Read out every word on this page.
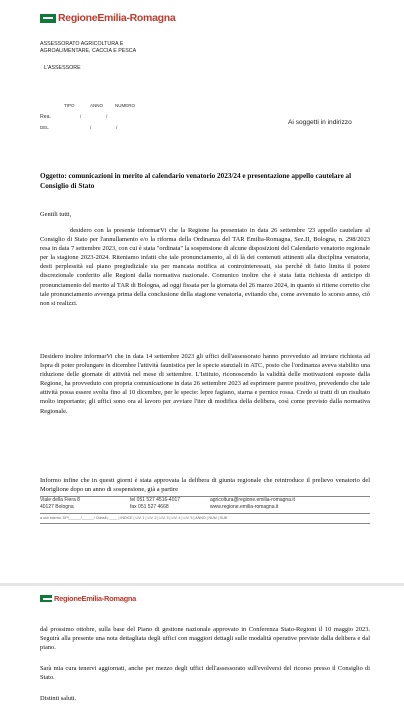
RegioneEmilia-Romagna
ASSESSORATO AGRICOLTURA E
AGROALIMENTARE, CACCIA E PESCA
L'ASSESSORE
TIPO	ANNO	NUMERO
Rea.	/	/
DEL	/	/
Ai soggetti in indirizzo
Oggetto: comunicazioni in merito al calendario venatorio 2023/24 e presentazione appello cautelare al Consiglio di Stato
Gentili tutti,
desidero con la presente informarVi che la Regione ha presentato in data 26 settembre '23 appello cautelare al Consiglio di Stato per l'annullamento e/o la riforma della Ordinanza del TAR Emilia-Romagna, Sez.II, Bologna, n. 298/2023 resa in data 7 settembre 2023, con cui è stata "ordinata" la sospensione di alcune disposizioni del Calendario venatorio regionale per la stagione 2023-2024. Riteniamo infatti che tale pronunciamento, al di là dei contenuti attinenti alla disciplina venatoria, desti perplessità sul piano pregiudiziale sia per mancata notifica ai controinteressati, sia perché di fatto limita il potere discrezionale conferito alle Regioni dalla normativa nazionale. Comunico inoltre che è stata fatta richiesta di anticipo di pronunciamento del merito al TAR di Bologna, ad oggi fissata per la giornata del 26 marzo 2024, in quanto si ritiene corretto che tale pronunciamento avvenga prima della conclusione della stagione venatoria, evitando che, come avvenuto lo scorso anno, ciò non si realizzi.
Desidero inoltre informarVi che in data 14 settembre 2023 gli uffici dell'assessorato hanno provveduto ad inviare richiesta ad Ispra di poter prolungare in dicembre l'attività faunistica per le specie stanziali in ATC, posto che l'ordinanza aveva stabilito una riduzione delle giornate di attività nel mese di settembre. L'Istituto, riconoscendo la validità delle motivazioni esposte dalla Regione, ha provveduto con propria comunicazione in data 26 settembre 2023 ad esprimere parere positivo, prevedendo che tale attività possa essere svolta fino al 10 dicembre, per le specie: lepre fagiano, starna e pernice rossa. Credo si tratti di un risultato molto importante; gli uffici sono ora al lavoro per avviare l'iter di modifica della delibera, così come previsto dalla normativa Regionale.
Informo infine che in questi giorni è stata approvata la delibera di giunta regionale che reintroduce il prelievo venatorio del Moriglione dopo un anno di sospensione, già a partire
Viale della Fiera 8
40127 Bologna
tel 051 527 4516-4017
fax 051 527 4668
agricoltura@regione.emilia-romagna.it
www.regione.emilia-romagna.it
a uso interno: DP/______/______/ Classif.| ____ | INDICE | LIV. 1 | LIV. 2 | LIV. 3 | LIV. 4 | LIV. 5 | ANNO | NUM | SUB
RegioneEmilia-Romagna
dal prossimo ottobre, sulla base del Piano di gestione nazionale approvato in Conferenza Stato-Regioni il 10 maggio 2023. Seguirà alla presente una nota dettagliata degli uffici con maggiori dettagli sulle modalità operative previste dalla delibera e dal piano.
Sarà mia cura tenervi aggiornati, anche per mezzo degli uffici dell'assessorato sull'evolversi del ricorso presso il Consiglio di Stato.
Distinti saluti.
